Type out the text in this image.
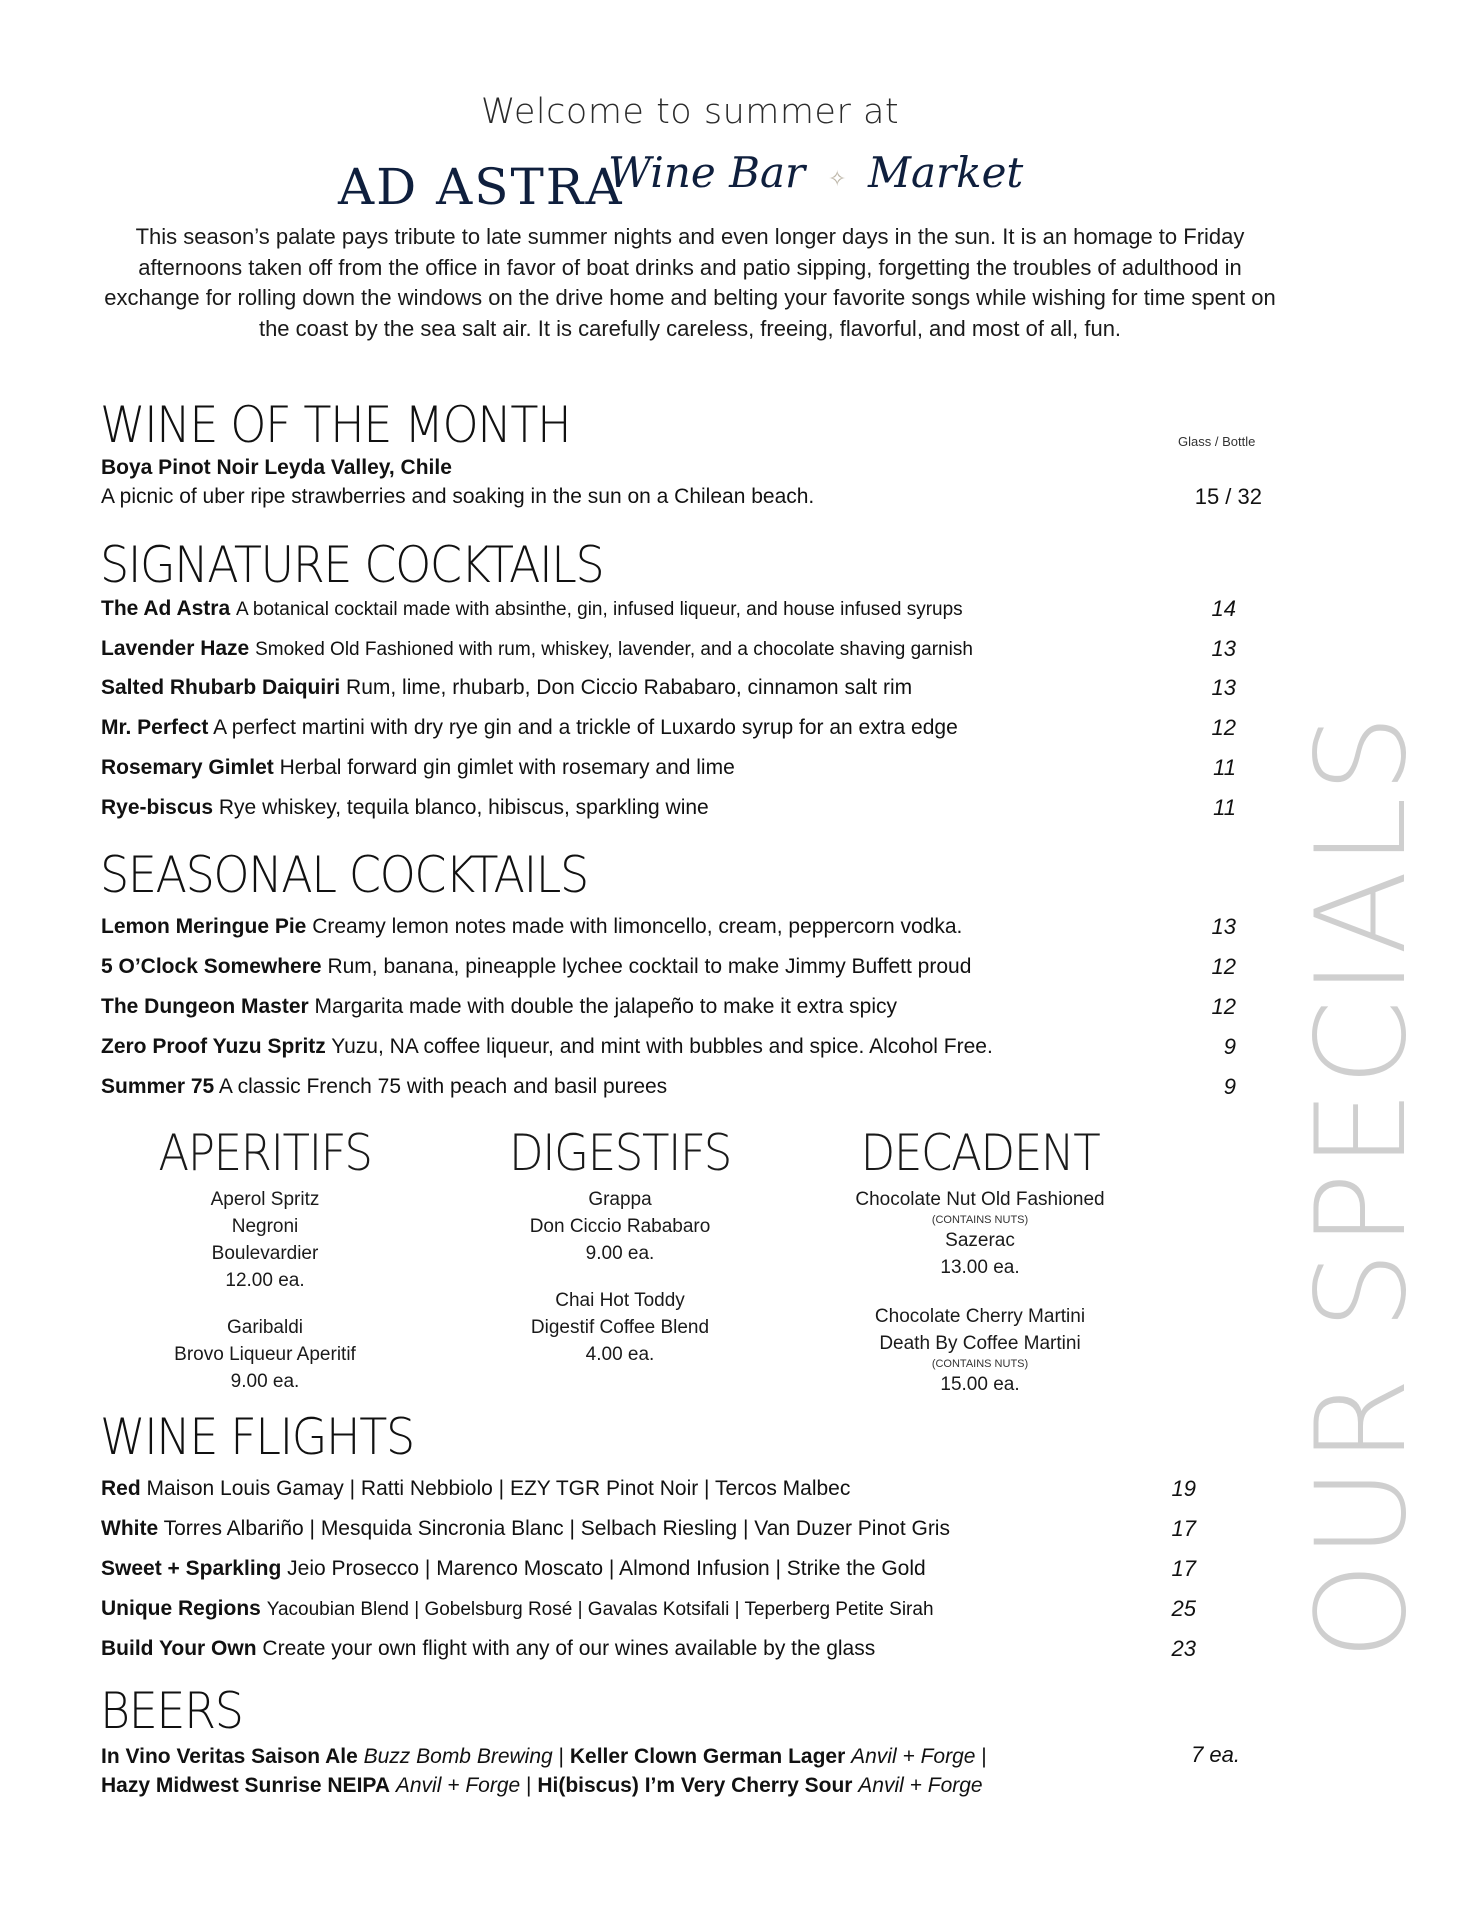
Welcome to summer at
AD ASTRA
Wine Bar ✧ Market
This season’s palate pays tribute to late summer nights and even longer days in the sun. It is an homage to Friday afternoons taken off from the office in favor of boat drinks and patio sipping, forgetting the troubles of adulthood in exchange for rolling down the windows on the drive home and belting your favorite songs while wishing for time spent on the coast by the sea salt air. It is carefully careless, freeing, flavorful, and most of all, fun.
WINE OF THE MONTH	Glass / Bottle
Boya Pinot Noir Leyda Valley, Chile
A picnic of uber ripe strawberries and soaking in the sun on a Chilean beach.	15 / 32
SIGNATURE COCKTAILS
The Ad Astra A botanical cocktail made with absinthe, gin, infused liqueur, and house infused syrups	14
Lavender Haze Smoked Old Fashioned with rum, whiskey, lavender, and a chocolate shaving garnish	13
Salted Rhubarb Daiquiri Rum, lime, rhubarb, Don Ciccio Rababaro, cinnamon salt rim	13
Mr. Perfect A perfect martini with dry rye gin and a trickle of Luxardo syrup for an extra edge	12
Rosemary Gimlet Herbal forward gin gimlet with rosemary and lime	11
Rye-biscus Rye whiskey, tequila blanco, hibiscus, sparkling wine	11
SEASONAL COCKTAILS
Lemon Meringue Pie Creamy lemon notes made with limoncello, cream, peppercorn vodka.	13
5 O’Clock Somewhere Rum, banana, pineapple lychee cocktail to make Jimmy Buffett proud	12
The Dungeon Master Margarita made with double the jalapeño to make it extra spicy	12
Zero Proof Yuzu Spritz Yuzu, NA coffee liqueur, and mint with bubbles and spice. Alcohol Free.	9
Summer 75 A classic French 75 with peach and basil purees	9
APERITIFS
Aperol Spritz
Negroni
Boulevardier
12.00 ea.
Garibaldi
Brovo Liqueur Aperitif
9.00 ea.
DIGESTIFS
Grappa
Don Ciccio Rababaro
9.00 ea.
Chai Hot Toddy
Digestif Coffee Blend
4.00 ea.
DECADENT
Chocolate Nut Old Fashioned
(CONTAINS NUTS)
Sazerac
13.00 ea.
Chocolate Cherry Martini
Death By Coffee Martini
(CONTAINS NUTS)
15.00 ea.
WINE FLIGHTS
Red Maison Louis Gamay | Ratti Nebbiolo | EZY TGR Pinot Noir | Tercos Malbec	19
White Torres Albariño | Mesquida Sincronia Blanc | Selbach Riesling | Van Duzer Pinot Gris	17
Sweet + Sparkling Jeio Prosecco | Marenco Moscato | Almond Infusion | Strike the Gold	17
Unique Regions Yacoubian Blend | Gobelsburg Rosé | Gavalas Kotsifali | Teperberg Petite Sirah	25
Build Your Own Create your own flight with any of our wines available by the glass	23
BEERS
In Vino Veritas Saison Ale Buzz Bomb Brewing | Keller Clown German Lager Anvil + Forge |
Hazy Midwest Sunrise NEIPA Anvil + Forge | Hi(biscus) I’m Very Cherry Sour Anvil + Forge
7 ea.
OUR SPECIALS
